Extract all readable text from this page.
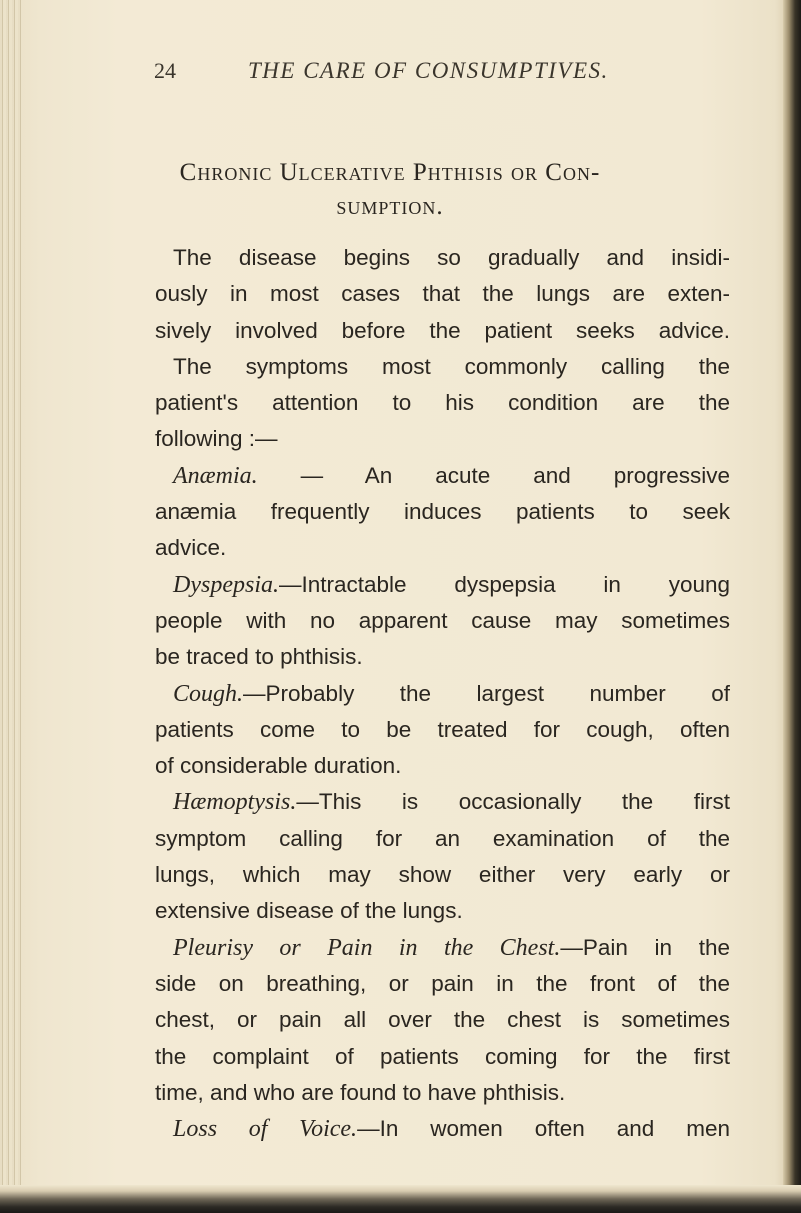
24	THE CARE OF CONSUMPTIVES.
Chronic Ulcerative Phthisis or Con-
sumption.
The disease begins so gradually and insidi-
ously in most cases that the lungs are exten-
sively involved before the patient seeks advice.
The symptoms most commonly calling the
patient's attention to his condition are the
following :—
Anæmia. — An acute and progressive
anæmia frequently induces patients to seek
advice.
Dyspepsia.—Intractable dyspepsia in young
people with no apparent cause may sometimes
be traced to phthisis.
Cough.—Probably the largest number of
patients come to be treated for cough, often
of considerable duration.
Hæmoptysis.—This is occasionally the first
symptom calling for an examination of the
lungs, which may show either very early or
extensive disease of the lungs.
Pleurisy or Pain in the Chest.—Pain in the
side on breathing, or pain in the front of the
chest, or pain all over the chest is sometimes
the complaint of patients coming for the first
time, and who are found to have phthisis.
Loss of Voice.—In women often and men
